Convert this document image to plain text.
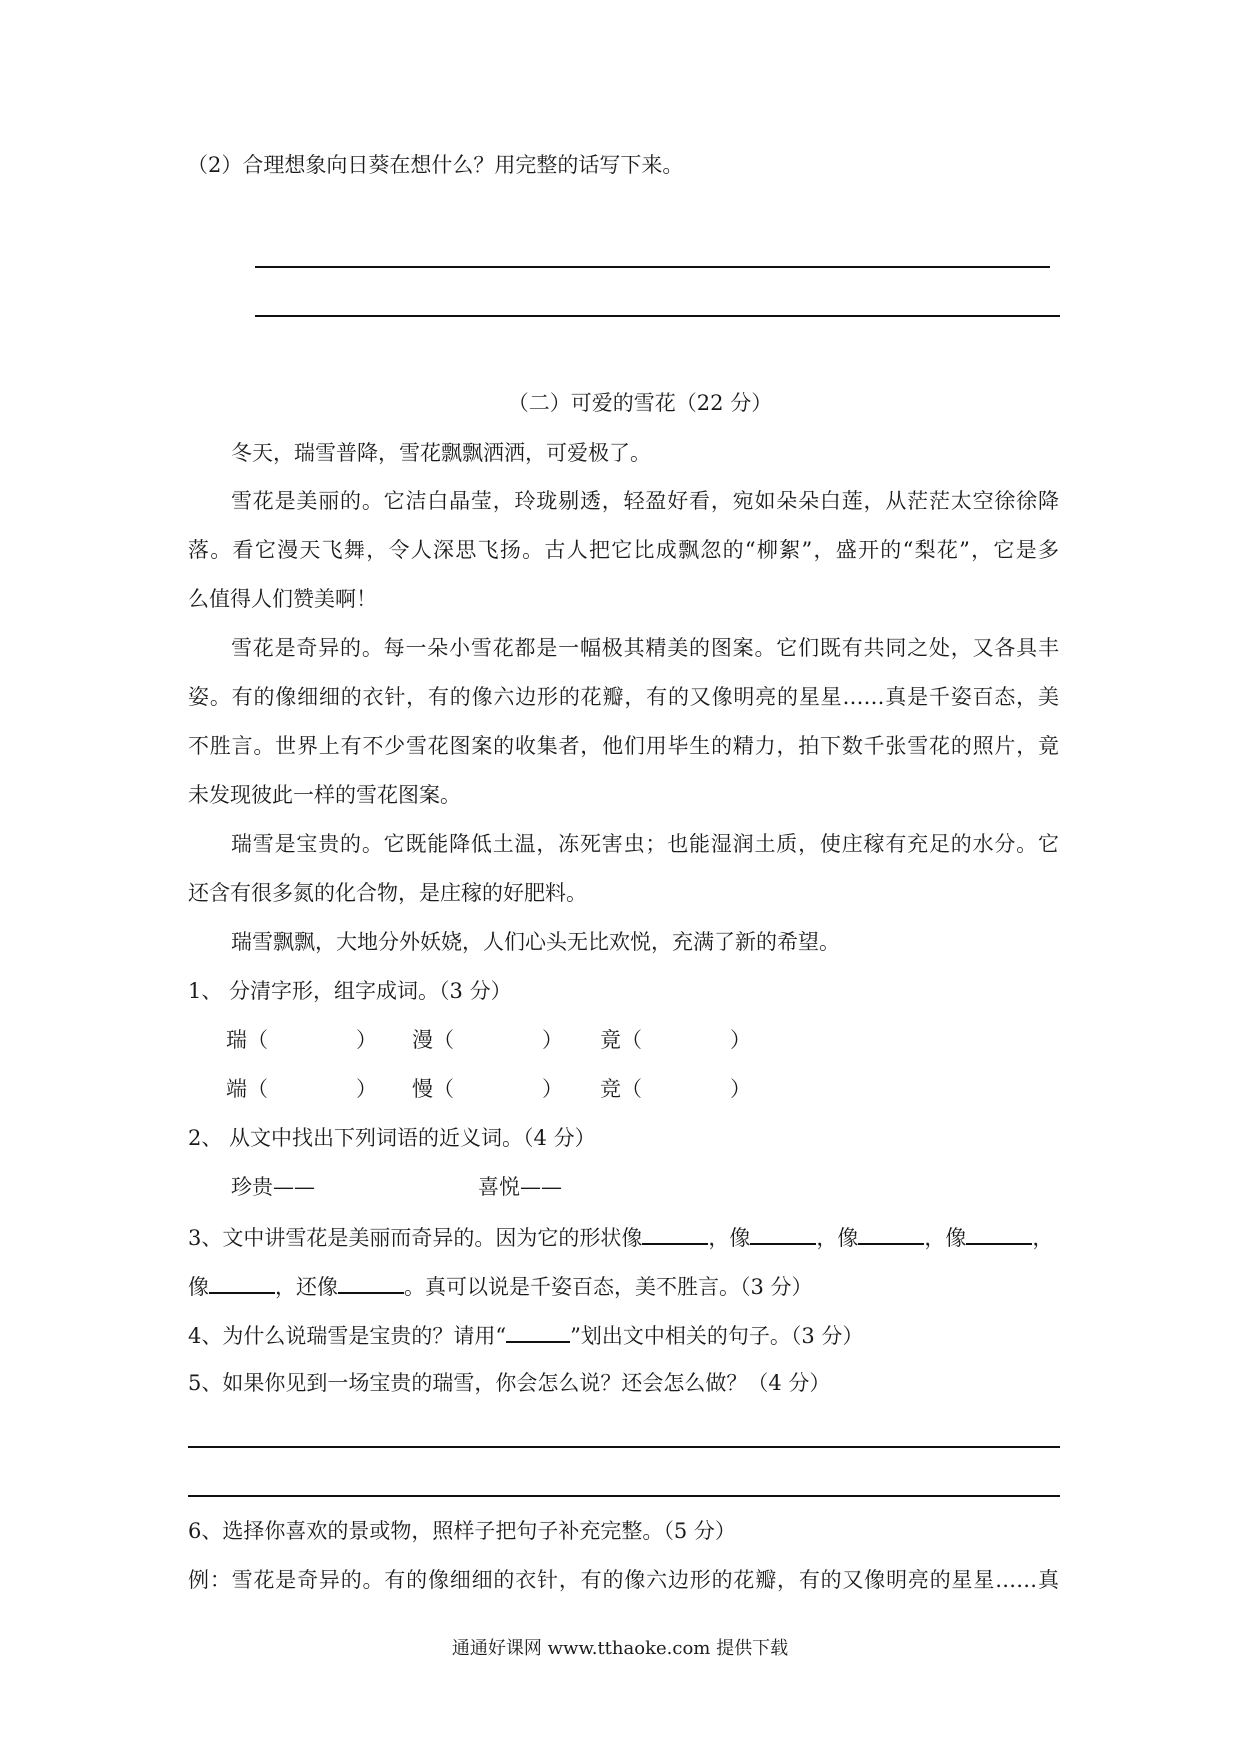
（2）合理想象向日葵在想什么？用完整的话写下来。
（二）可爱的雪花（22 分）
冬天，瑞雪普降，雪花飘飘洒洒，可爱极了。
雪花是美丽的。它洁白晶莹，玲珑剔透，轻盈好看，宛如朵朵白莲，从茫茫太空徐徐降
落。看它漫天飞舞，令人深思飞扬。古人把它比成飘忽的“柳絮”，盛开的“梨花”，它是多
么值得人们赞美啊！
雪花是奇异的。每一朵小雪花都是一幅极其精美的图案。它们既有共同之处，又各具丰
姿。有的像细细的衣针，有的像六边形的花瓣，有的又像明亮的星星……真是千姿百态，美
不胜言。世界上有不少雪花图案的收集者，他们用毕生的精力，拍下数千张雪花的照片，竟
未发现彼此一样的雪花图案。
瑞雪是宝贵的。它既能降低土温，冻死害虫；也能湿润土质，使庄稼有充足的水分。它
还含有很多氮的化合物，是庄稼的好肥料。
瑞雪飘飘，大地分外妖娆，人们心头无比欢悦，充满了新的希望。
1、 分清字形，组字成词。（3 分）
瑞（	） 漫（	） 竟（	）
端（	） 慢（	） 竞（	）
2、 从文中找出下列词语的近义词。（4 分）
珍贵——	喜悦——
3、文中讲雪花是美丽而奇异的。因为它的形状像	，像	，像	，像	，
像	，还像	。真可以说是千姿百态，美不胜言。（3 分）
4、为什么说瑞雪是宝贵的？请用“	”划出文中相关的句子。（3 分）
5、如果你见到一场宝贵的瑞雪，你会怎么说？还会怎么做？（4 分）
6、选择你喜欢的景或物，照样子把句子补充完整。（5 分）
例：雪花是奇异的。有的像细细的衣针，有的像六边形的花瓣，有的又像明亮的星星……真
通通好课网 www.tthaoke.com 提供下载
